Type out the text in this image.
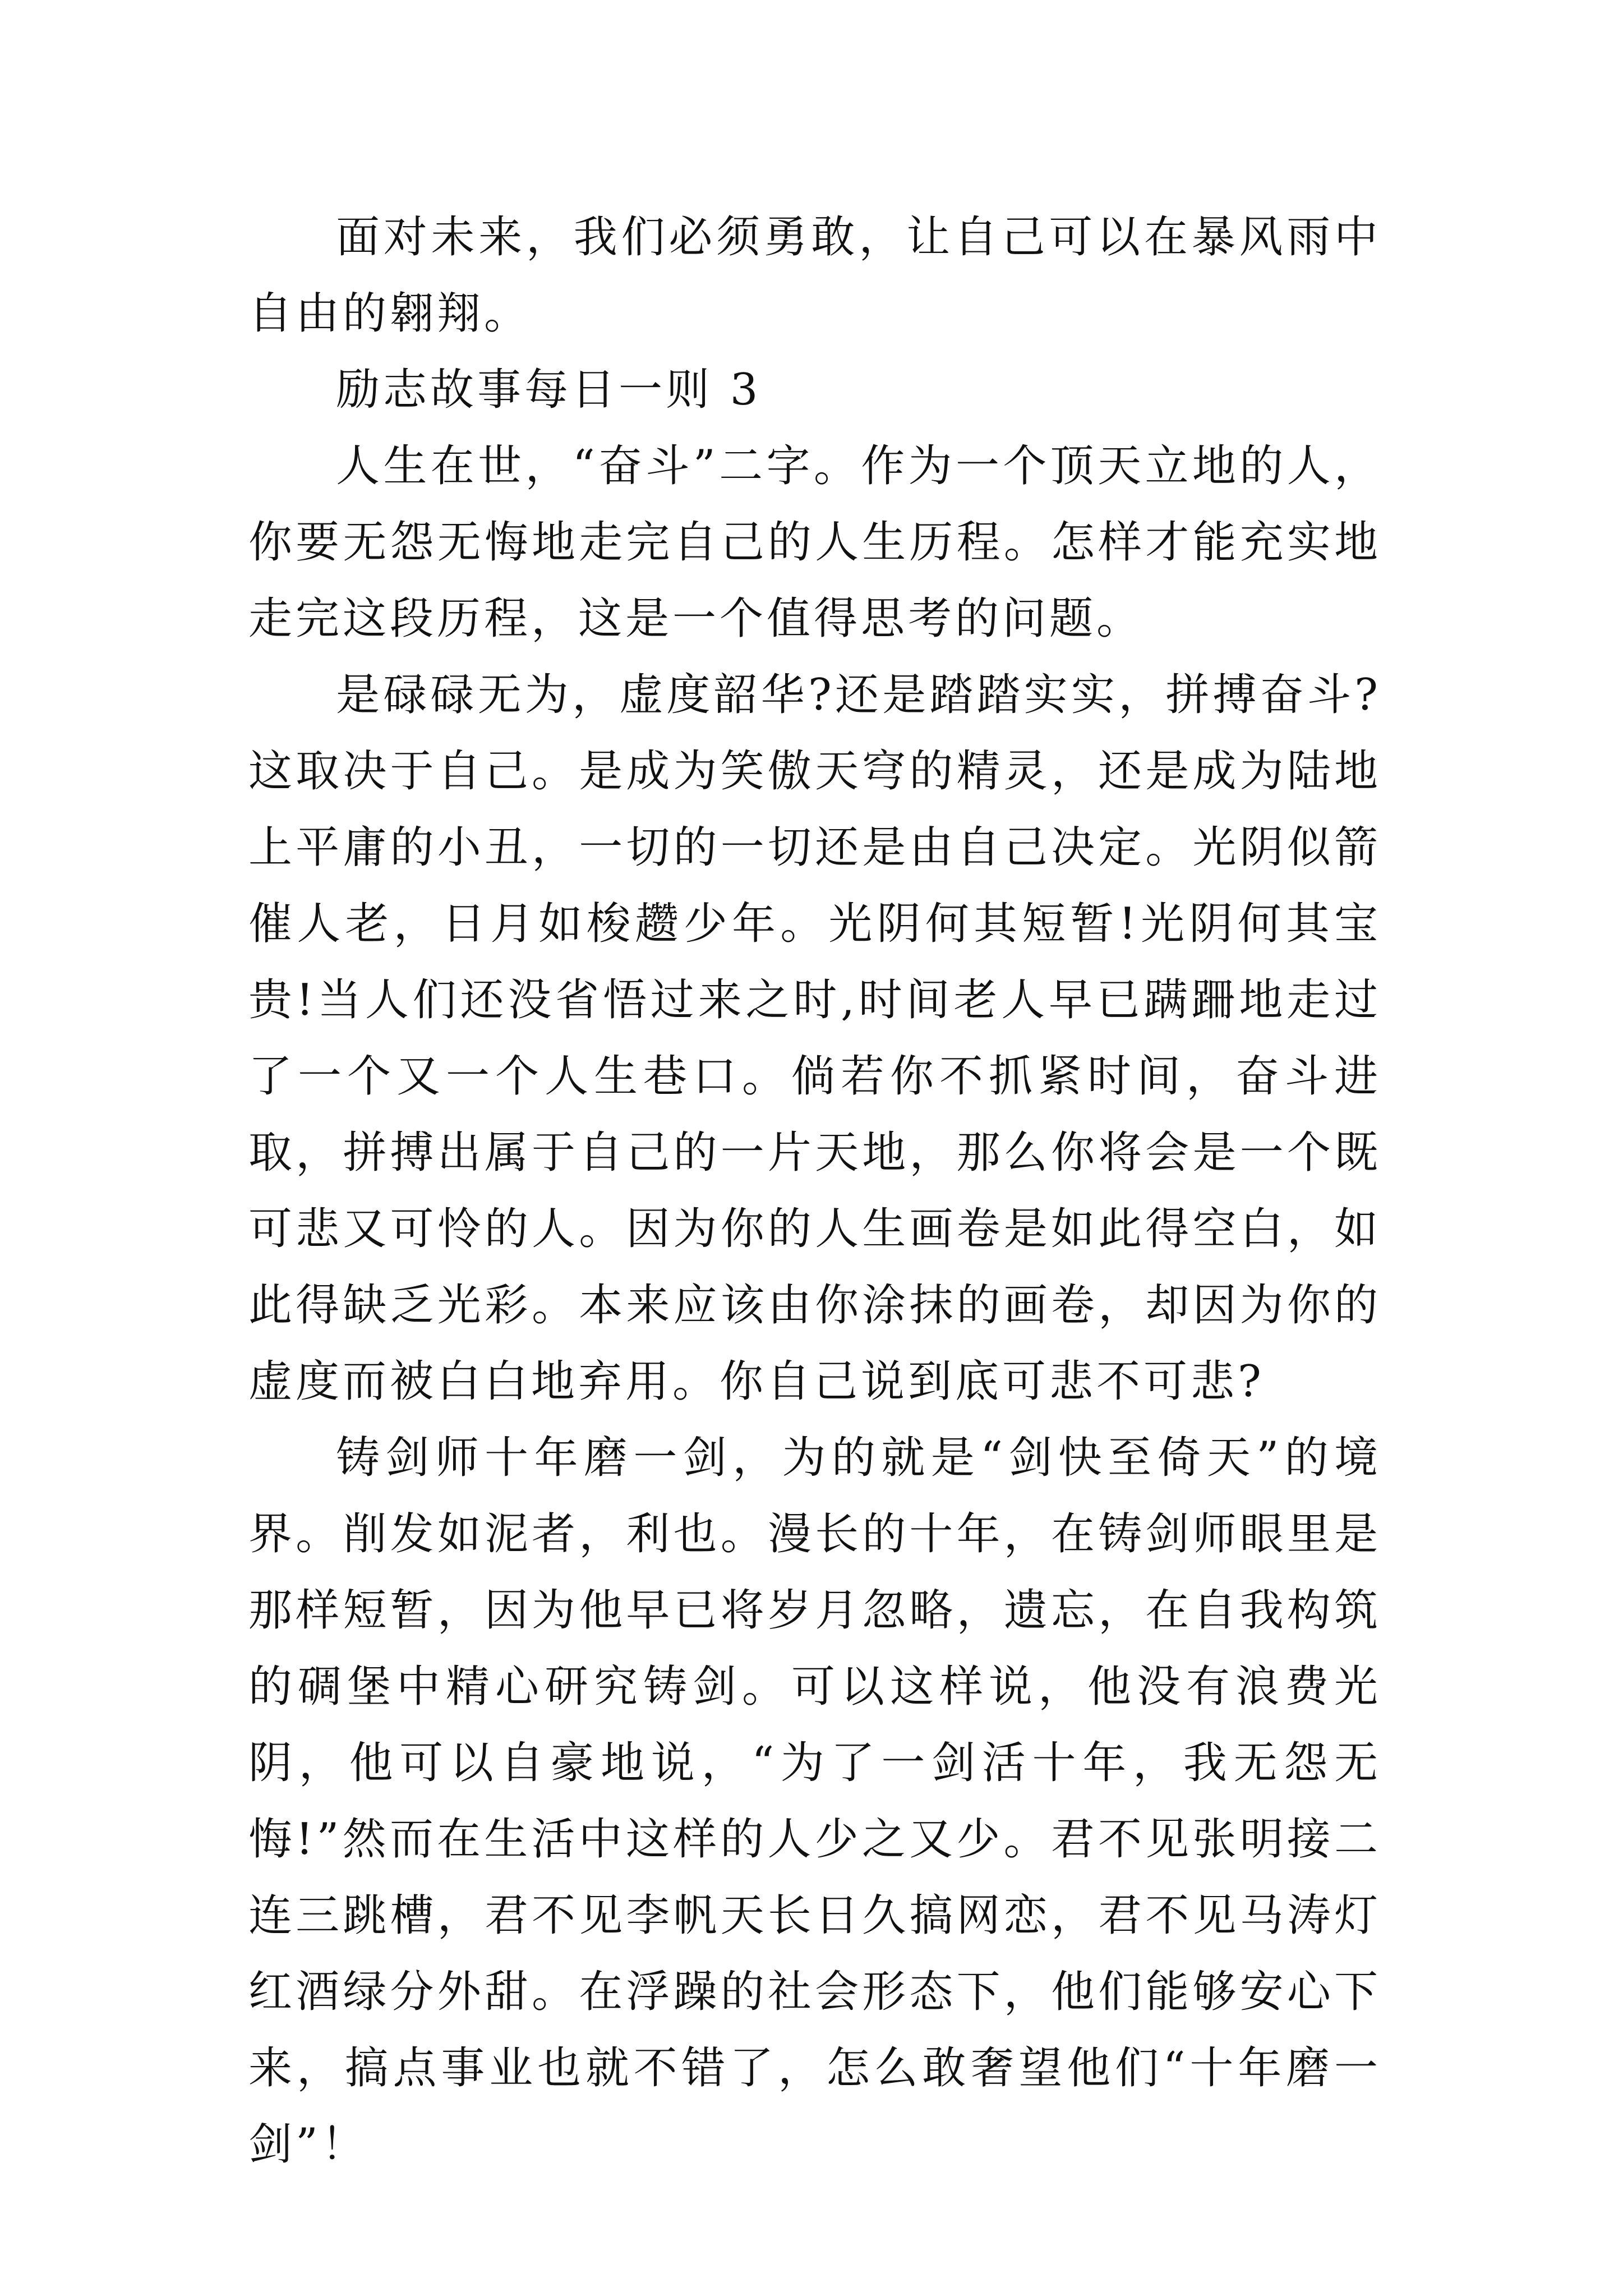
面对未来，我们必须勇敢，让自己可以在暴风雨中自由的翱翔。

励志故事每日一则 3

人生在世，“奋斗”二字。作为一个顶天立地的人，你要无怨无悔地走完自己的人生历程。怎样才能充实地走完这段历程，这是一个值得思考的问题。

是碌碌无为，虚度韶华?还是踏踏实实，拼搏奋斗?这取决于自己。是成为笑傲天穹的精灵，还是成为陆地上平庸的小丑，一切的一切还是由自己决定。光阴似箭催人老，日月如梭趱少年。光阴何其短暂!光阴何其宝贵!当人们还没省悟过来之时,时间老人早已蹒跚地走过了一个又一个人生巷口。倘若你不抓紧时间，奋斗进取，拼搏出属于自己的一片天地，那么你将会是一个既可悲又可怜的人。因为你的人生画卷是如此得空白，如此得缺乏光彩。本来应该由你涂抹的画卷，却因为你的虚度而被白白地弃用。你自己说到底可悲不可悲?

铸剑师十年磨一剑，为的就是“剑快至倚天”的境界。削发如泥者，利也。漫长的十年，在铸剑师眼里是那样短暂，因为他早已将岁月忽略，遗忘，在自我构筑的碉堡中精心研究铸剑。可以这样说，他没有浪费光阴，他可以自豪地说，“为了一剑活十年，我无怨无悔!”然而在生活中这样的人少之又少。君不见张明接二连三跳槽，君不见李帆天长日久搞网恋，君不见马涛灯红酒绿分外甜。在浮躁的社会形态下，他们能够安心下来，搞点事业也就不错了，怎么敢奢望他们“十年磨一剑”！
